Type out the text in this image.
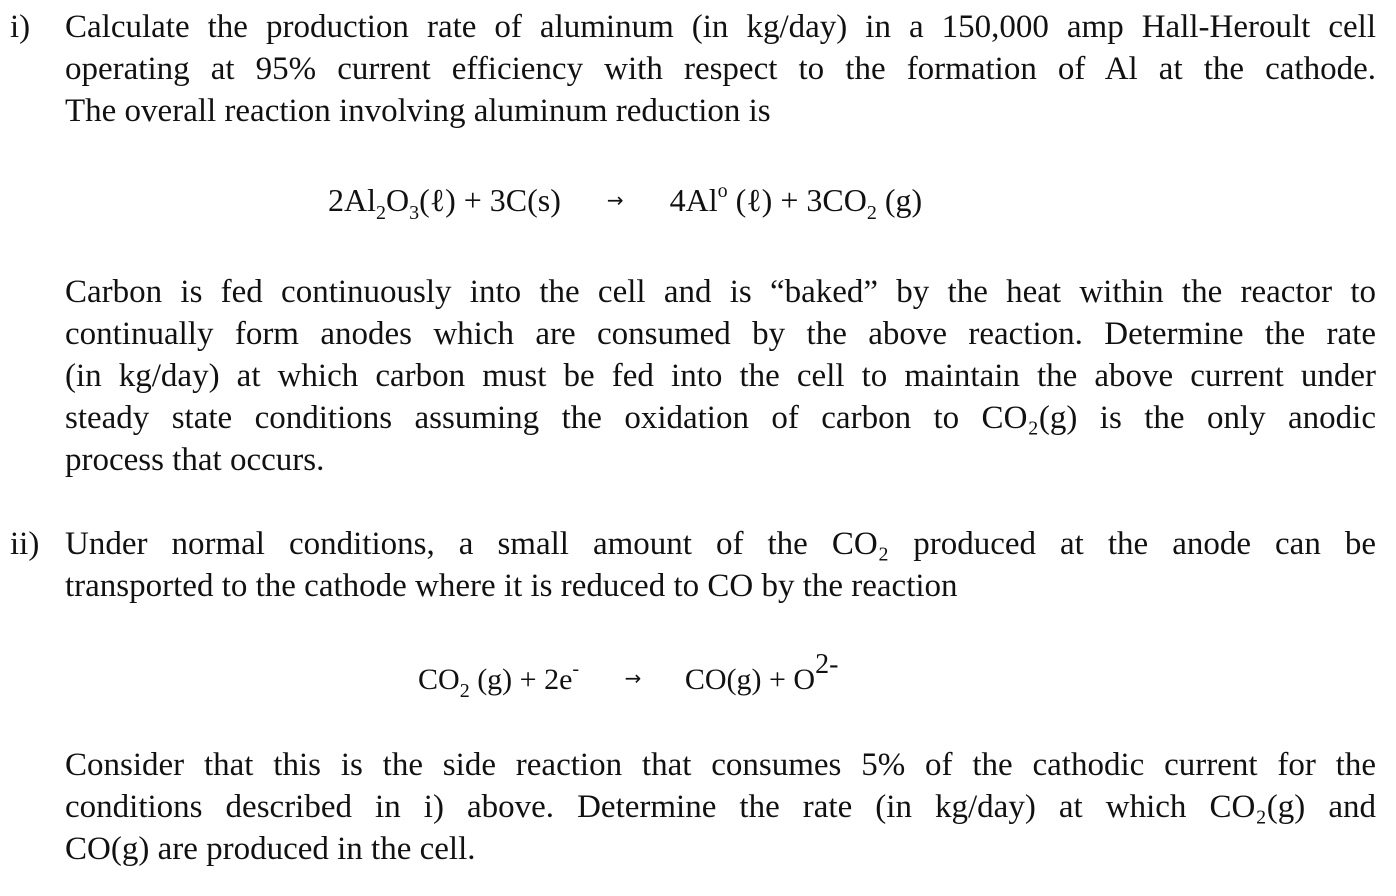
i) Calculate the production rate of aluminum (in kg/day) in a 150,000 amp Hall-Heroult cell
operating at 95% current efficiency with respect to the formation of Al at the cathode.
The overall reaction involving aluminum reduction is
$2Al_2O_3(\ell) + 3C(s) \to 4Al^o$ (ℓ) + $3CO_2$ (g)
Carbon is fed continuously into the cell and is “baked” by the heat within the reactor to
continually form anodes which are consumed by the above reaction. Determine the rate
(in kg/day) at which carbon must be fed into the cell to maintain the above current under
steady state conditions assuming the oxidation of carbon to CO₂(g) is the only anodic
process that occurs.
ii) Under normal conditions, a small amount of the CO₂ produced at the anode can be
transported to the cathode where it is reduced to CO by the reaction
$CO_2$ (g) + 2e- → CO(g) + O2-
Consider that this is the side reaction that consumes 5% of the cathodic current for the
conditions described in i) above. Determine the rate (in kg/day) at which CO₂(g) and
CO(g) are produced in the cell.
